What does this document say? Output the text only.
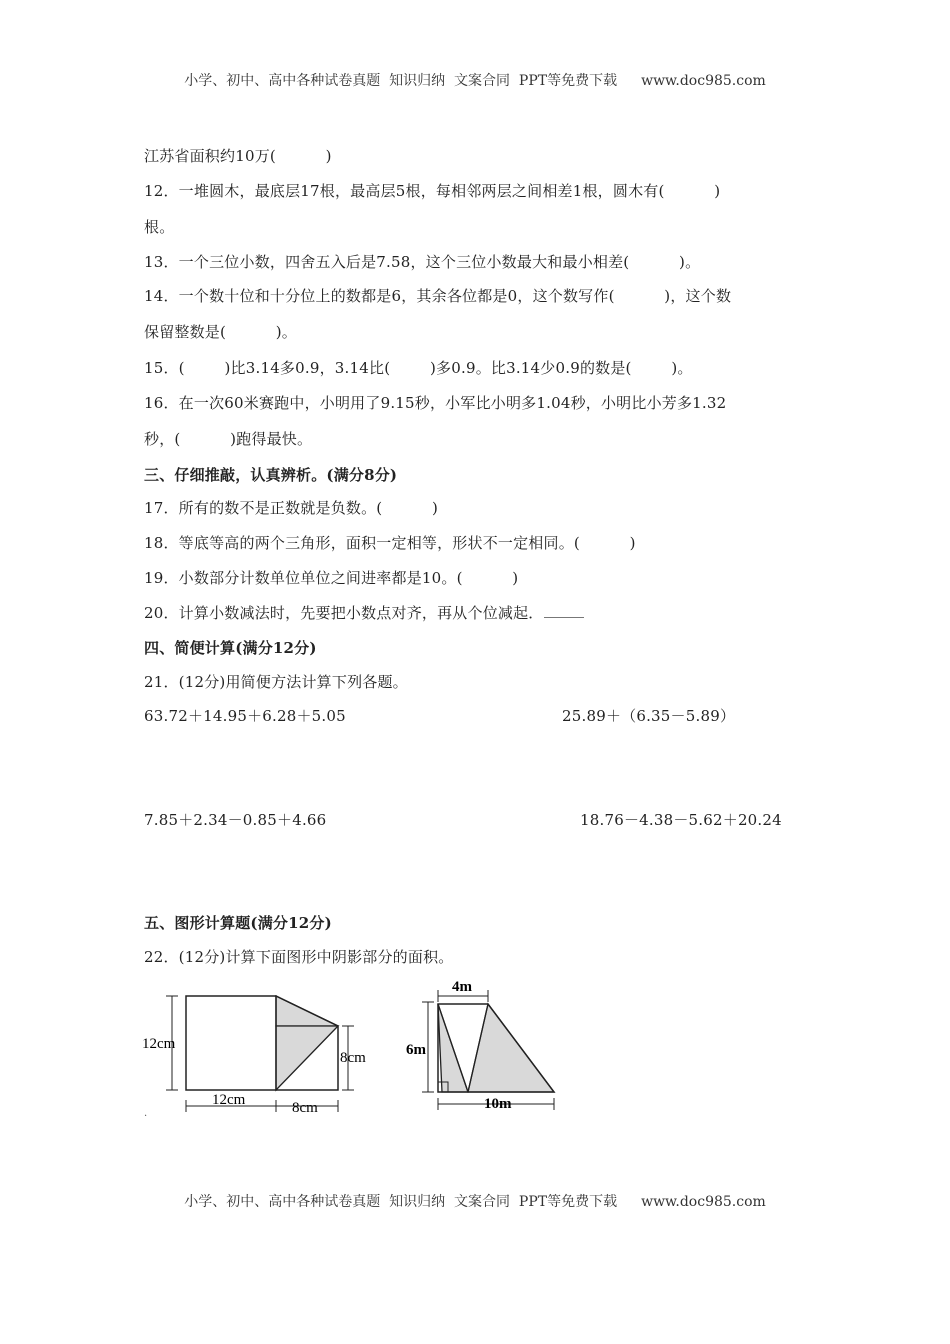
小学、初中、高中各种试卷真题  知识归纳  文案合同  PPT等免费下载 www.doc985.com
江苏省面积约10万(          )
12．一堆圆木，最底层17根，最高层5根，每相邻两层之间相差1根，圆木有(          )
根。
13．一个三位小数，四舍五入后是7.58，这个三位小数最大和最小相差(          )。
14．一个数十位和十分位上的数都是6，其余各位都是0，这个数写作(          )，这个数
保留整数是(          )。
15．(        )比3.14多0.9，3.14比(        )多0.9。比3.14少0.9的数是(        )。
16．在一次60米赛跑中，小明用了9.15秒，小军比小明多1.04秒，小明比小芳多1.32
秒，(          )跑得最快。
三、仔细推敲，认真辨析。(满分8分)
17．所有的数不是正数就是负数。(          )
18．等底等高的两个三角形，面积一定相等，形状不一定相同。(          )
19．小数部分计数单位单位之间进率都是10。(          )
20．计算小数减法时，先要把小数点对齐，再从个位减起．
四、简便计算(满分12分)
21．(12分)用简便方法计算下列各题。
63.72＋14.95＋6.28＋5.05	25.89＋（6.35－5.89）
7.85＋2.34－0.85＋4.66	18.76－4.38－5.62＋20.24
五、图形计算题(满分12分)
22．(12分)计算下面图形中阴影部分的面积。
12cm
12cm
8cm
8cm
4m
6m
10m
.
小学、初中、高中各种试卷真题  知识归纳  文案合同  PPT等免费下载 www.doc985.com
